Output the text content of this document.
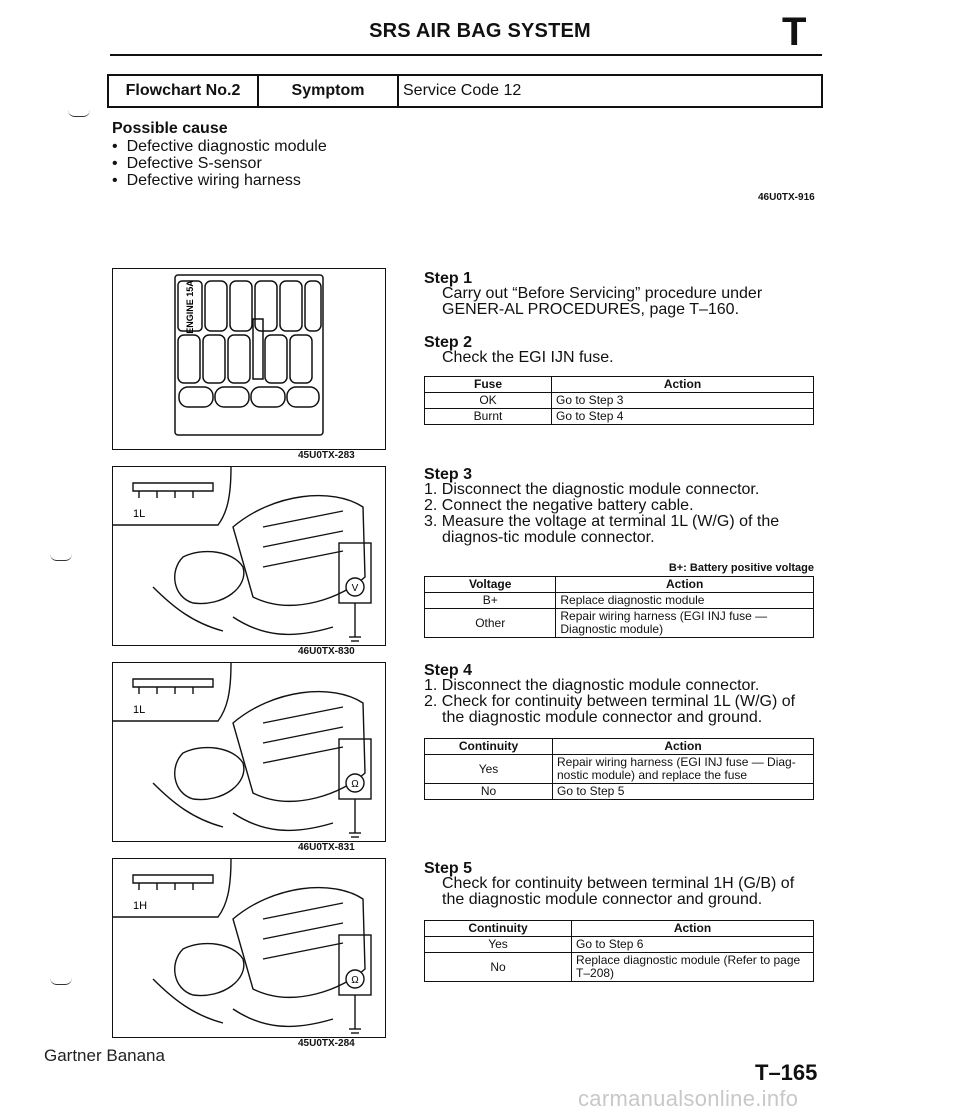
SRS AIR BAG SYSTEM	T
Flowchart No.2	Symptom	Service Code 12
Possible cause
• Defective diagnostic module
• Defective S-sensor
• Defective wiring harness
46U0TX-916
ENGINE 15A
45U0TX-283
1L
V
46U0TX-830
1L
Ω
46U0TX-831
1H
Ω
45U0TX-284
Step 1
Carry out “Before Servicing” procedure under GENER-AL PROCEDURES, page T–160.
Step 2
Check the EGI IJN fuse.
Fuse	Action
OK	Go to Step 3
Burnt	Go to Step 4
Step 3
1. Disconnect the diagnostic module connector.
2. Connect the negative battery cable.
3. Measure the voltage at terminal 1L (W/G) of the diagnos-tic module connector.
B+: Battery positive voltage
Voltage	Action
B+	Replace diagnostic module
Other	Repair wiring harness (EGI INJ fuse — Diagnostic module)
Step 4
1. Disconnect the diagnostic module connector.
2. Check for continuity between terminal 1L (W/G) of the diagnostic module connector and ground.
Continuity	Action
Yes	Repair wiring harness (EGI INJ fuse — Diag-nostic module) and replace the fuse
No	Go to Step 5
Step 5
Check for continuity between terminal 1H (G/B) of the diagnostic module connector and ground.
Continuity	Action
Yes	Go to Step 6
No	Replace diagnostic module (Refer to page T–208)
Gartner Banana
T–165
carmanualsonline.info
